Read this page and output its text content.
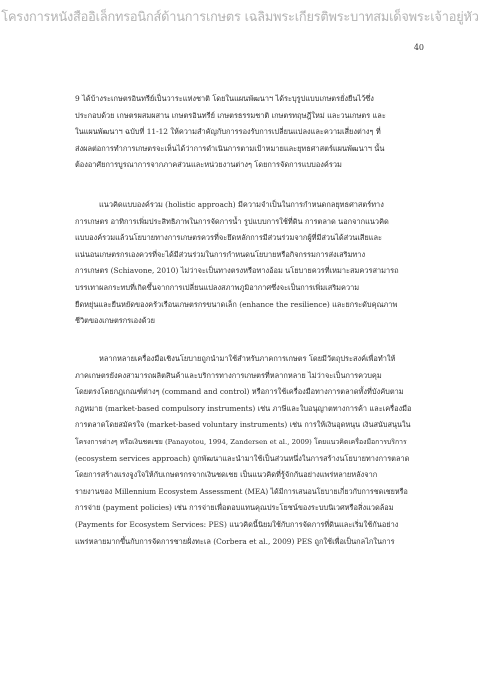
โครงการหนังสืออิเล็กทรอนิกส์ด้านการเกษตร เฉลิมพระเกียรติพระบาทสมเด็จพระเจ้าอยู่หัว
40
9 ได้บ้างระเกษตรอินทรีย์เป็นวาระแห่งชาติ โดยในแผนพัฒนาฯ ได้ระบุรูปแบบเกษตรยั่งยืนไว้ซึ่ง
ประกอบด้วย เกษตรผสมผสาน เกษตรอินทรีย์ เกษตรธรรมชาติ เกษตรทฤษฎีใหม่ และวนเกษตร และ
ในแผนพัฒนาฯ ฉบับที่ 11-12 ให้ความสำคัญกับการรองรับการเปลี่ยนแปลงและความเสี่ยงต่างๆ ที่
ส่งผลต่อการทำการเกษตรจะเห็นได้ว่าการดำเนินการตามเป้าหมายและยุทธศาสตร์แผนพัฒนาฯ นั้น
ต้องอาศัยการบูรณาการจากภาคส่วนและหน่วยงานต่างๆ โดยการจัดการแบบองค์รวม
แนวคิดแบบองค์รวม (holistic approach) มีความจำเป็นในการกำหนดกลยุทธศาสตร์ทาง
การเกษตร อาทิการเพิ่มประสิทธิภาพในการจัดการน้ำ รูปแบบการใช้ที่ดิน การตลาด นอกจากแนวคิด
แบบองค์รวมแล้วนโยบายทางการเกษตรควรที่จะยึดหลักการมีส่วนร่วมจากผู้ที่มีส่วนได้ส่วนเสียและ
แน่นอนเกษตรกรเองควรที่จะได้มีส่วนร่วมในการกำหนดนโยบายหรือกิจกรรมการส่งเสริมทาง
การเกษตร (Schiavone, 2010) ไม่ว่าจะเป็นทางตรงหรือทางอ้อม นโยบายควรที่เหมาะสมควรสามารถ
บรรเทาผลกระทบที่เกิดขึ้นจากการเปลี่ยนแปลงสภาพภูมิอากาศซึ่งจะเป็นการเพิ่มเสริมความ
ยืดหยุ่นและยืนหยัดของครัวเรือนเกษตรกรขนาดเล็ก (enhance the resilience) และยกระดับคุณภาพ
ชีวิตของเกษตรกรเองด้วย
หลากหลายเครื่องมือเชิงนโยบายถูกนำมาใช้สำหรับภาคการเกษตร โดยมีวัตถุประสงค์เพื่อทำให้
ภาคเกษตรยังคงสามารถผลิตสินค้าและบริการทางการเกษตรที่หลากหลาย ไม่ว่าจะเป็นการควบคุม
โดยตรงโดยกฎเกณฑ์ต่างๆ (command and control) หรือการใช้เครื่องมือทางการตลาดทั้งที่บังคับตาม
กฎหมาย (market-based compulsory instruments) เช่น ภาษีและใบอนุญาตทางการค้า และเครื่องมือ
การตลาดโดยสมัครใจ (market-based voluntary instruments) เช่น การให้เงินอุดหนุน เงินสนับสนุนใน
โครงการต่างๆ หรือเงินชดเชย (Panayotou, 1994, Zandersen et al., 2009) โดยแนวคิดเครื่องมือการบริการ
(ecosystem services approach) ถูกพัฒนาและนำมาใช้เป็นส่วนหนึ่งในการสร้างนโยบายทางการตลาด
โดยการสร้างแรงจูงใจให้กับเกษตรกรจากเงินชดเชย เป็นแนวคิดที่รู้จักกันอย่างแพร่หลายหลังจาก
รายงานของ Millennium Ecosystem Assessment (MEA) ได้มีการเสนอนโยบายเกี่ยวกับการชดเชยหรือ
การจ่าย (payment policies) เช่น การจ่ายเพื่อตอบแทนคุณประโยชน์ของระบบนิเวศหรือสิ่งแวดล้อม
(Payments for Ecosystem Services: PES) แนวคิดนี้นิยมใช้กับการจัดการที่ดินและเริ่มใช้กันอย่าง
แพร่หลายมากขึ้นกับการจัดการชายฝั่งทะเล (Corbera et al., 2009) PES ถูกใช้เพื่อเป็นกลไกในการ
